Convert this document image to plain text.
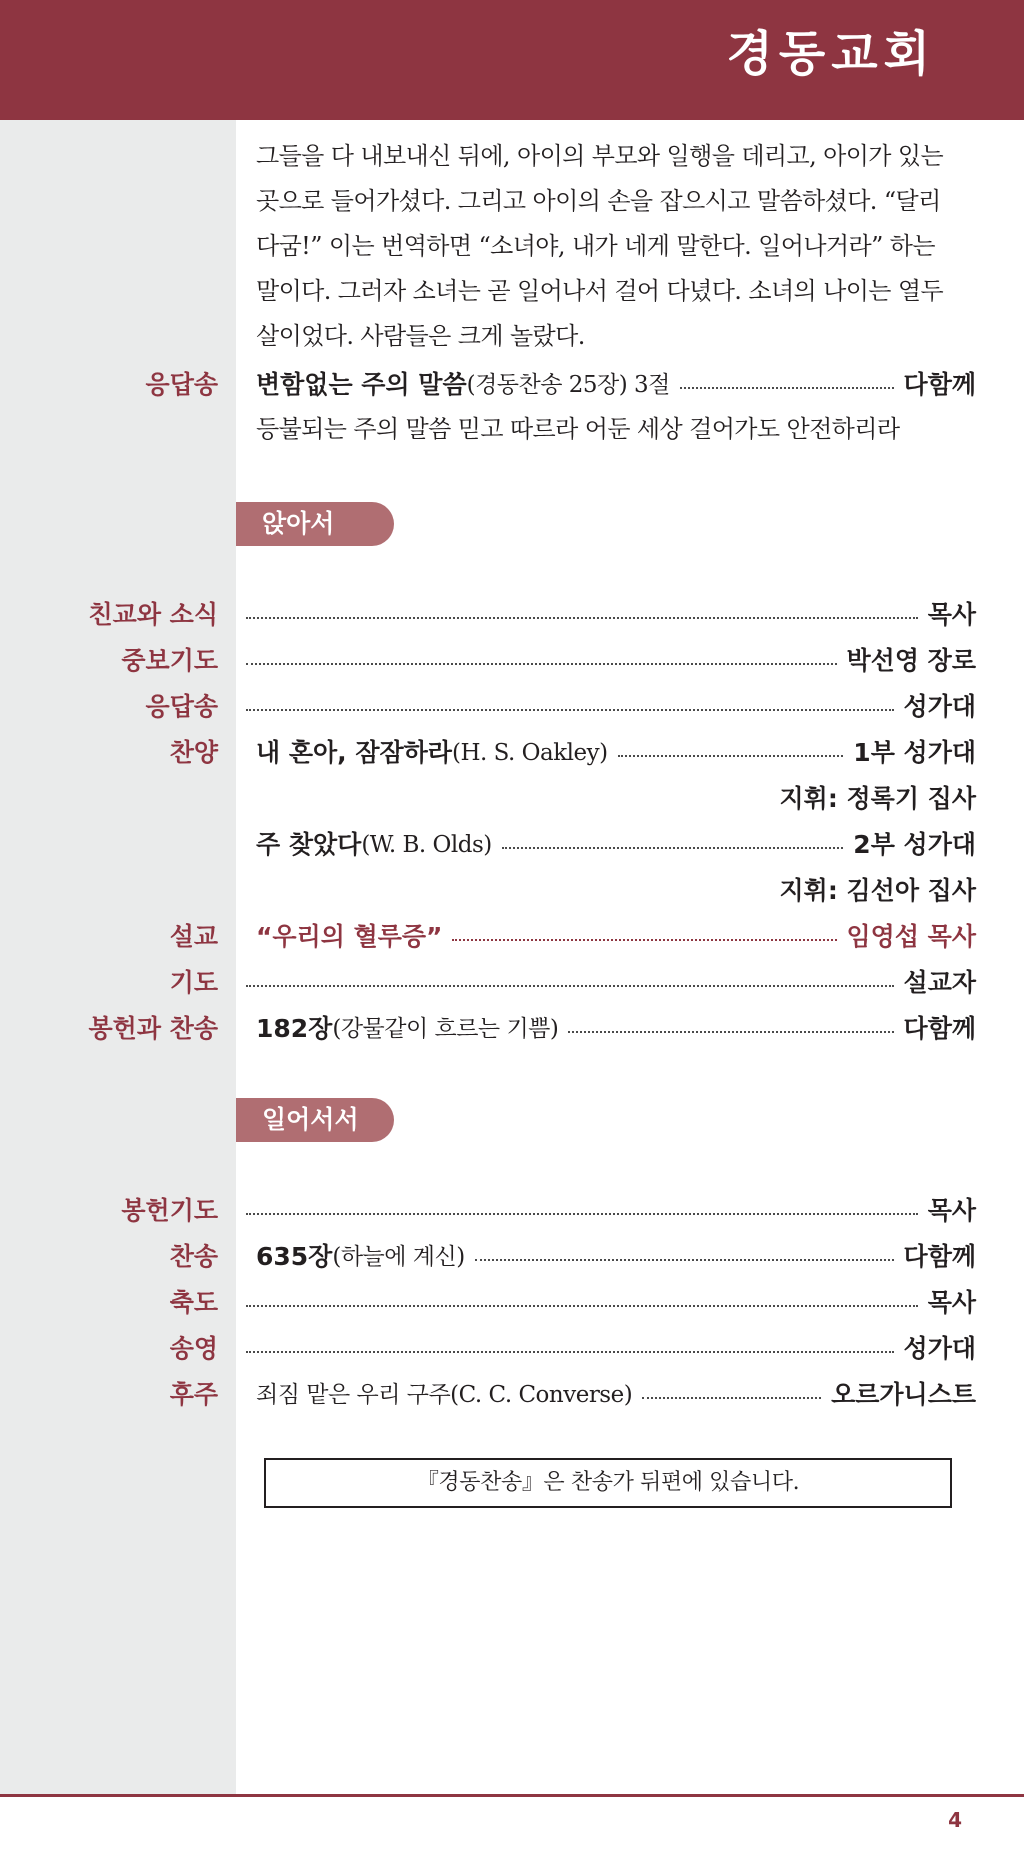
경동교회

그들을 다 내보내신 뒤에, 아이의 부모와 일행을 데리고, 아이가 있는

곳으로 들어가셨다. 그리고 아이의 손을 잡으시고 말씀하셨다. “달리

다굼!” 이는 번역하면 “소녀야, 내가 네게 말한다. 일어나거라” 하는

말이다. 그러자 소녀는 곧 일어나서 걸어 다녔다. 소녀의 나이는 열두

살이었다. 사람들은 크게 놀랐다.

응답송 변함없는 주의 말씀 (경동찬송 25장) 3절	다함께
등불되는 주의 말씀 믿고 따르라 어둔 세상 걸어가도 안전하리라
앉아서
친교와 소식	목사
중보기도	박선영 장로
응답송	성가대
찬양 내 혼아, 잠잠하라 (H. S. Oakley)	1부 성가대
지휘: 정록기 집사
주 찾았다 (W. B. Olds)	2부 성가대
지휘: 김선아 집사
설교 “우리의 혈루증”	임영섭 목사
기도	설교자
봉헌과 찬송 182장 (강물같이 흐르는 기쁨)	다함께
일어서서
봉헌기도	목사
찬송 635장 (하늘에 계신)	다함께
축도	목사
송영	성가대
후주 죄짐 맡은 우리 구주(C. C. Converse)	오르가니스트
『경동찬송』은 찬송가 뒤편에 있습니다.
4
